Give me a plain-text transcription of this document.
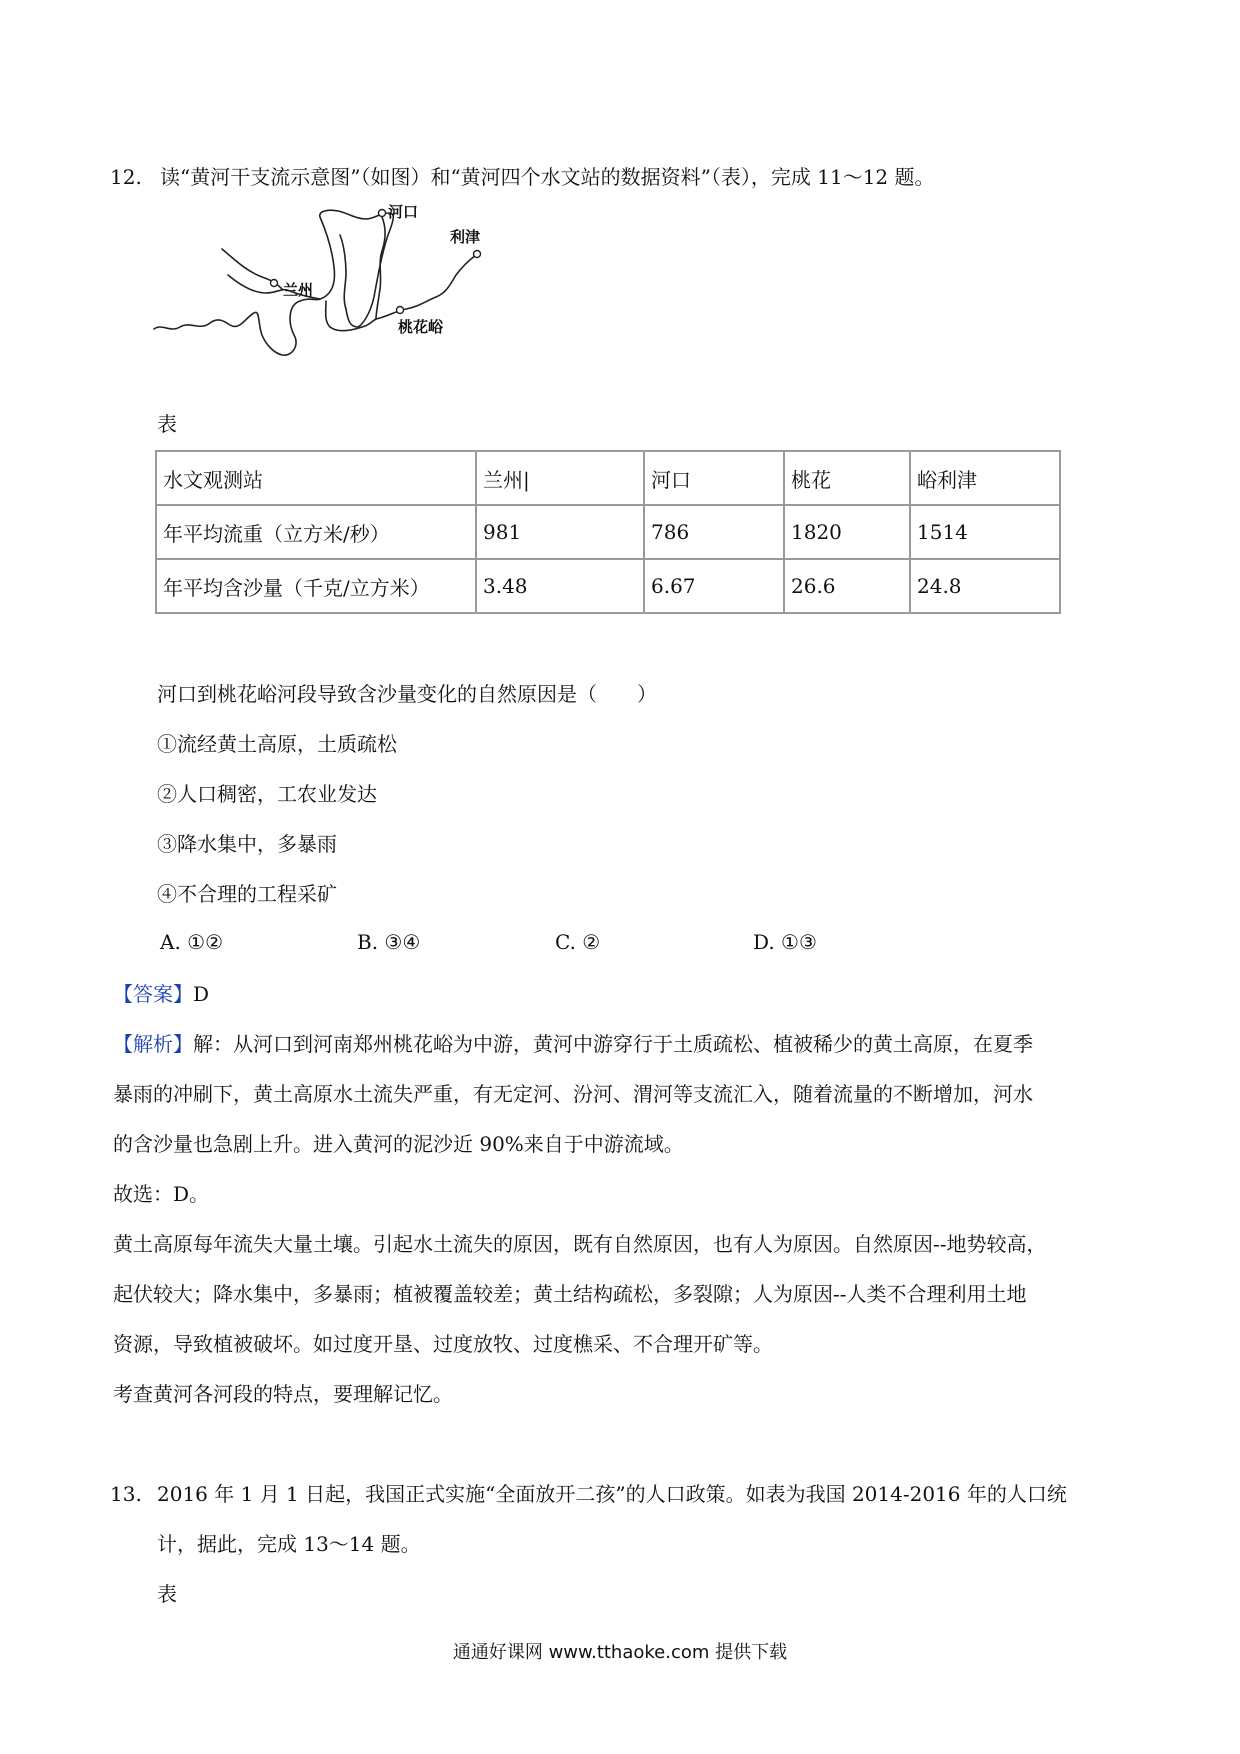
12. 读“黄河干支流示意图”（如图）和“黄河四个水文站的数据资料”（表），完成 11～12 题。
河口
利津
兰州
桃花峪
表
水文观测站	兰州|	河口	桃花	峪利津
年平均流重（立方米/秒）	981	786	1820	1514
年平均含沙量（千克/立方米）	3.48	6.67	26.6	24.8
河口到桃花峪河段导致含沙量变化的自然原因是（　　）
①流经黄土高原，土质疏松
②人口稠密，工农业发达
③降水集中，多暴雨
④不合理的工程采矿
A. ①②	B. ③④	C. ②	D. ①③
【答案】D
【解析】解：从河口到河南郑州桃花峪为中游，黄河中游穿行于土质疏松、植被稀少的黄土高原，在夏季
暴雨的冲刷下，黄土高原水土流失严重，有无定河、汾河、渭河等支流汇入，随着流量的不断增加，河水
的含沙量也急剧上升。进入黄河的泥沙近 90%来自于中游流域。
故选：D。
黄土高原每年流失大量土壤。引起水土流失的原因，既有自然原因，也有人为原因。自然原因--地势较高，
起伏较大；降水集中，多暴雨；植被覆盖较差；黄土结构疏松，多裂隙；人为原因--人类不合理利用土地
资源，导致植被破坏。如过度开垦、过度放牧、过度樵采、不合理开矿等。
考查黄河各河段的特点，要理解记忆。
13. 2016 年 1 月 1 日起，我国正式实施“全面放开二孩”的人口政策。如表为我国 2014-2016 年的人口统
计，据此，完成 13～14 题。
表
通通好课网 www.tthaoke.com 提供下载
